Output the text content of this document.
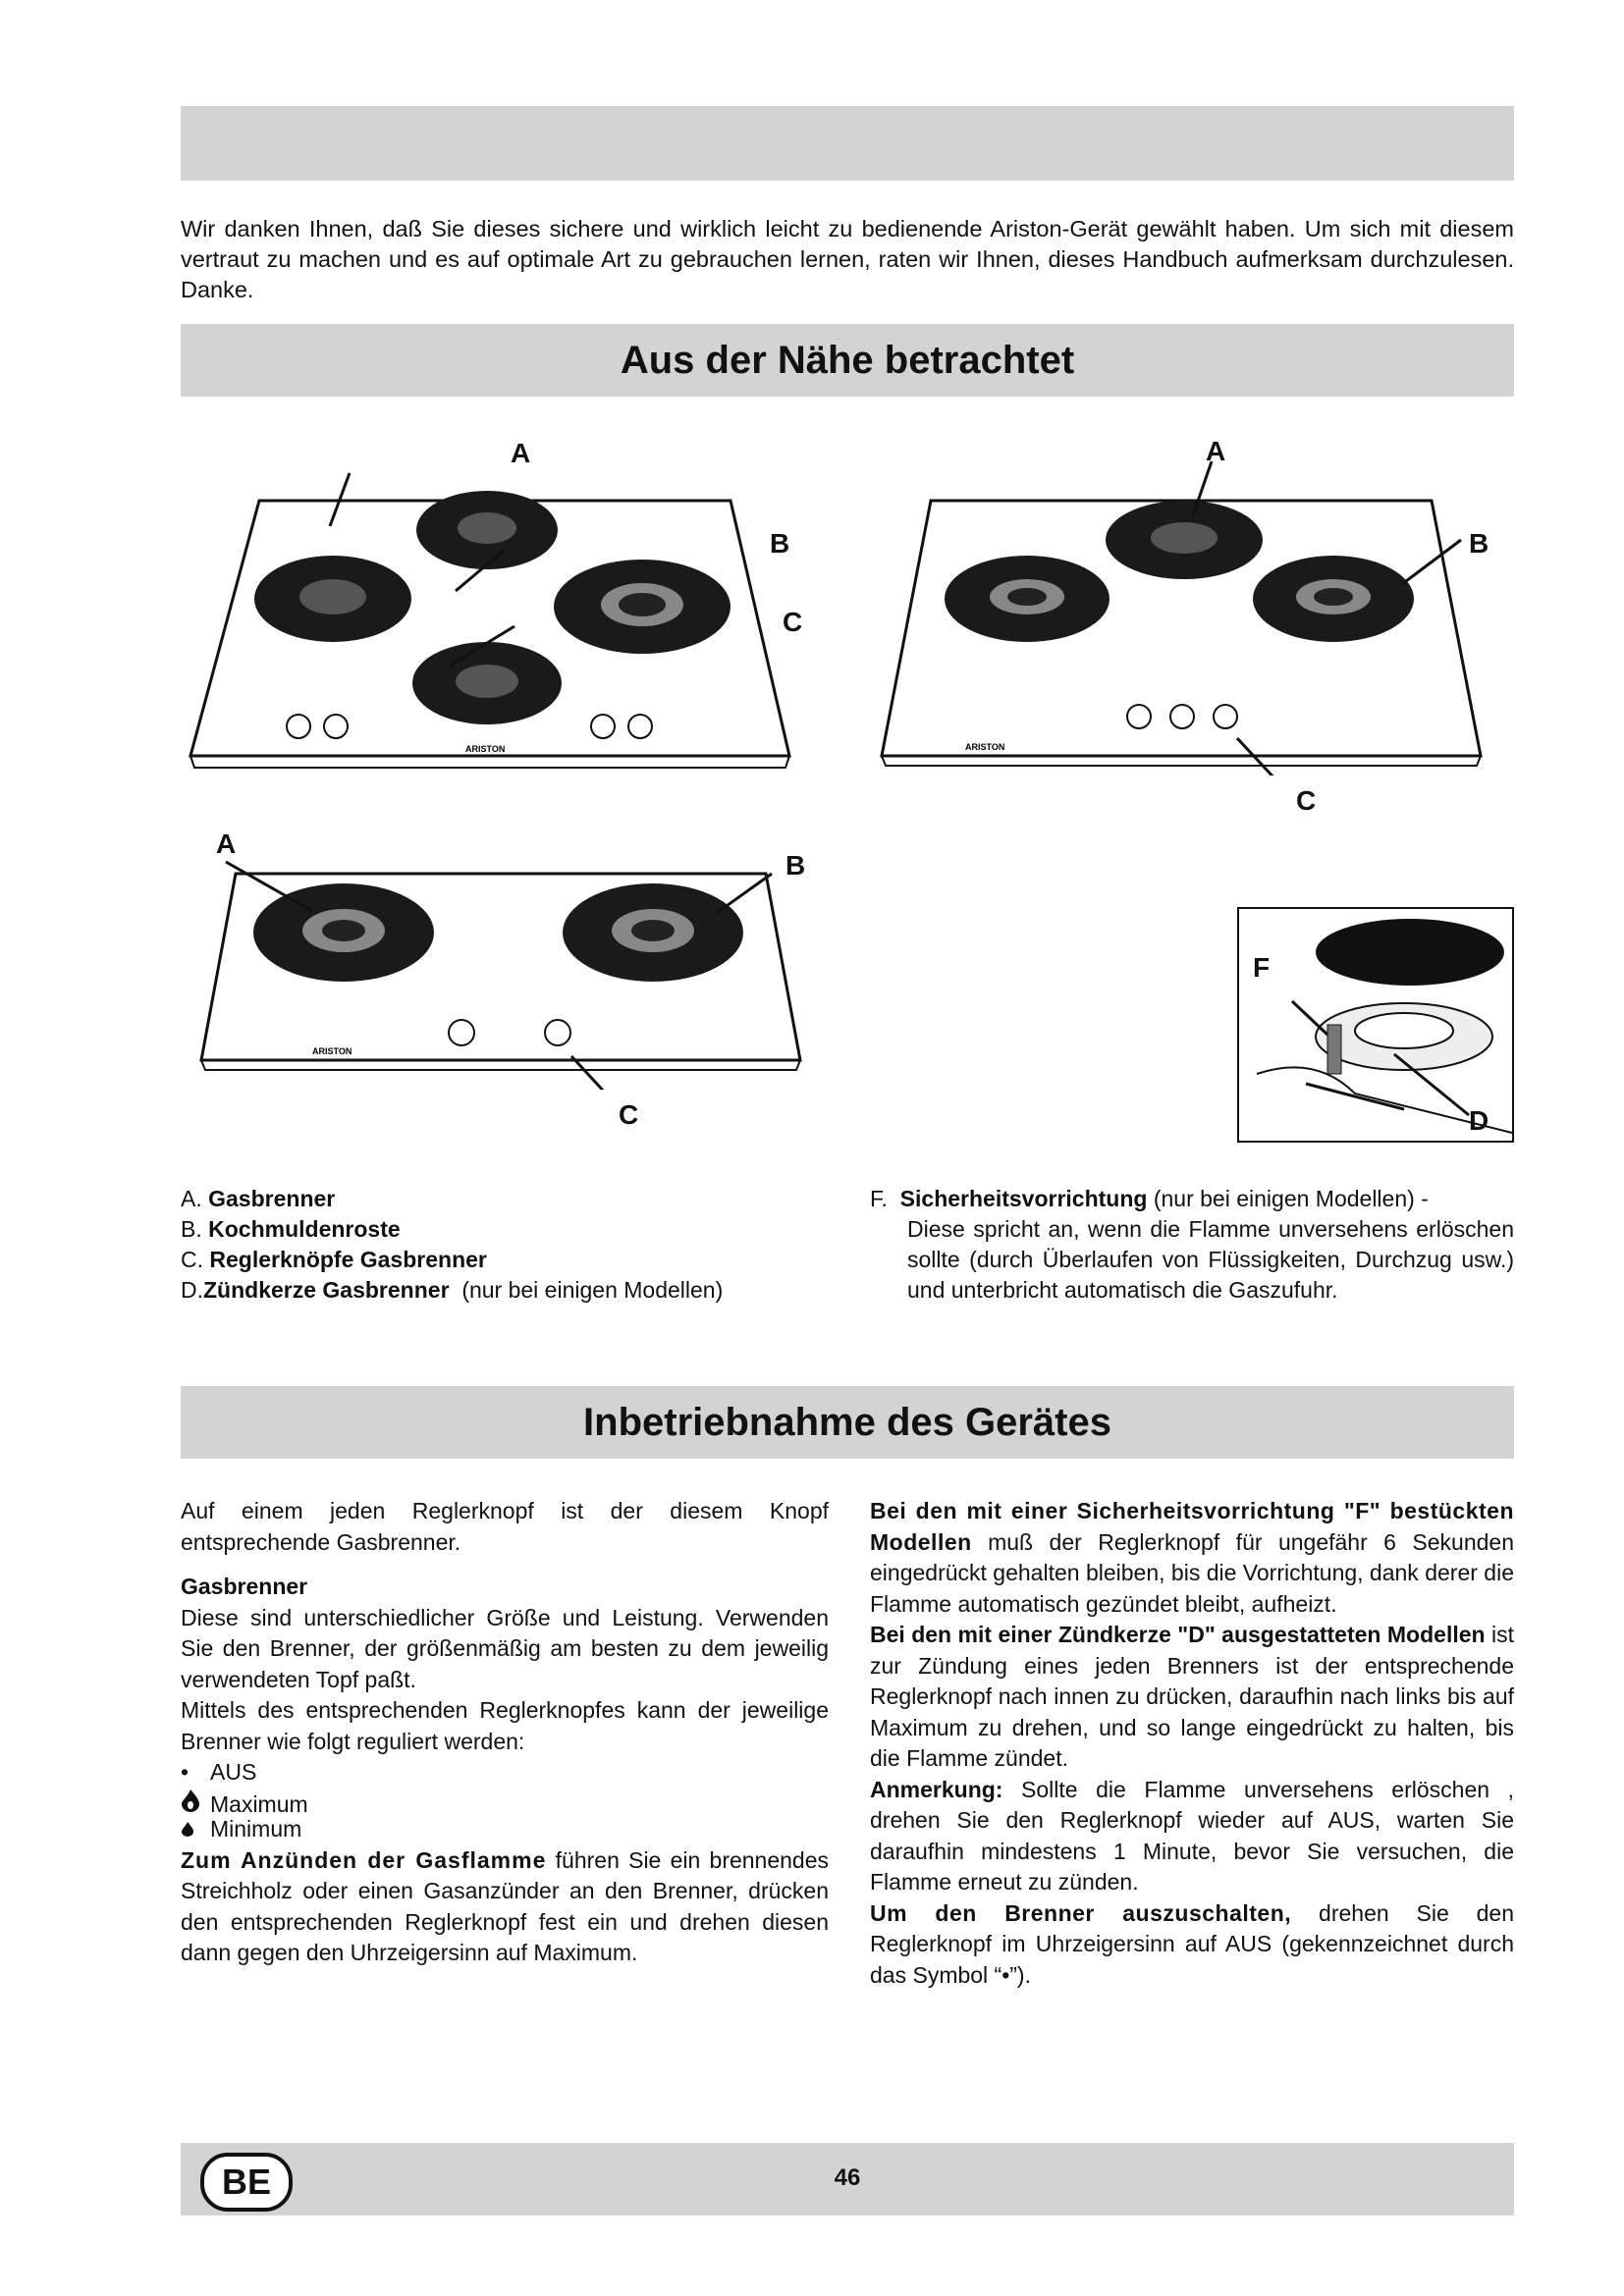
Wir danken Ihnen, daß Sie dieses sichere und wirklich leicht zu bedienende Ariston-Gerät gewählt haben. Um sich mit diesem vertraut zu machen und es auf optimale Art zu gebrauchen lernen, raten wir Ihnen, dieses Handbuch aufmerksam durchzulesen. Danke.
Aus der Nähe betrachtet
ARISTON
A
B
C
ARISTON
A
B
C
ARISTON
A
B
C
F
D
A. Gasbrenner
B. Kochmuldenroste
C. Reglerknöpfe Gasbrenner
D.Zündkerze Gasbrenner (nur bei einigen Modellen)
F. Sicherheitsvorrichtung (nur bei einigen Modellen) -
Diese spricht an, wenn die Flamme unversehens erlöschen sollte (durch Überlaufen von Flüssigkeiten, Durchzug usw.) und unterbricht automatisch die Gaszufuhr.
Inbetriebnahme des Gerätes

Auf einem jeden Reglerknopf ist der diesem Knopf entsprechende Gasbrenner.

Gasbrenner

Diese sind unterschiedlicher Größe und Leistung. Verwenden Sie den Brenner, der größenmäßig am besten zu dem jeweilig verwendeten Topf paßt.

Mittels des entsprechenden Reglerknopfes kann der jeweilige Brenner wie folgt reguliert werden:

• AUS

Maximum

Minimum

Zum Anzünden der Gasflamme führen Sie ein brennendes Streichholz oder einen Gasanzünder an den Brenner, drücken den entsprechenden Reglerknopf fest ein und drehen diesen dann gegen den Uhrzeigersinn auf Maximum.

Bei den mit einer Sicherheitsvorrichtung "F" bestückten Modellen muß der Reglerknopf für ungefähr 6 Sekunden eingedrückt gehalten bleiben, bis die Vorrichtung, dank derer die Flamme automatisch gezündet bleibt, aufheizt.

Bei den mit einer Zündkerze "D" ausgestatteten Modellen ist zur Zündung eines jeden Brenners ist der entsprechende Reglerknopf nach innen zu drücken, daraufhin nach links bis auf Maximum zu drehen, und so lange eingedrückt zu halten, bis die Flamme zündet.

Anmerkung: Sollte die Flamme unversehens erlöschen , drehen Sie den Reglerknopf wieder auf AUS, warten Sie daraufhin mindestens 1 Minute, bevor Sie versuchen, die Flamme erneut zu zünden.

Um den Brenner auszuschalten, drehen Sie den Reglerknopf im Uhrzeigersinn auf AUS (gekennzeichnet durch das Symbol “•”).

BE	46
